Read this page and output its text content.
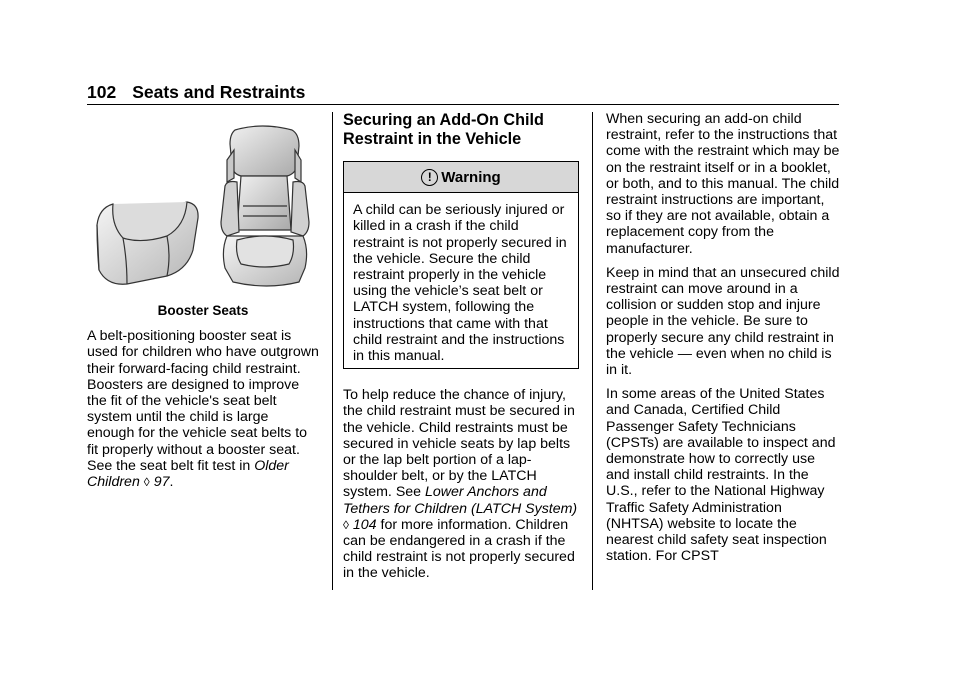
102 Seats and Restraints
Booster Seats

A belt-positioning booster seat is used for children who have outgrown their forward-facing child restraint. Boosters are designed to improve the fit of the vehicle's seat belt system until the child is large enough for the vehicle seat belts to fit properly without a booster seat. See the seat belt fit test in Older Children ◊ 97.

Securing an Add-On Child Restraint in the Vehicle
! Warning
A child can be seriously injured or killed in a crash if the child restraint is not properly secured in the vehicle. Secure the child restraint properly in the vehicle using the vehicle’s seat belt or LATCH system, following the instructions that came with that child restraint and the instructions in this manual.

To help reduce the chance of injury, the child restraint must be secured in the vehicle. Child restraints must be secured in vehicle seats by lap belts or the lap belt portion of a lap-shoulder belt, or by the LATCH system. See Lower Anchors and Tethers for Children (LATCH System) ◊ 104 for more information. Children can be endangered in a crash if the child restraint is not properly secured in the vehicle.

When securing an add-on child restraint, refer to the instructions that come with the restraint which may be on the restraint itself or in a booklet, or both, and to this manual. The child restraint instructions are important, so if they are not available, obtain a replacement copy from the manufacturer.

Keep in mind that an unsecured child restraint can move around in a collision or sudden stop and injure people in the vehicle. Be sure to properly secure any child restraint in the vehicle — even when no child is in it.

In some areas of the United States and Canada, Certified Child Passenger Safety Technicians (CPSTs) are available to inspect and demonstrate how to correctly use and install child restraints. In the U.S., refer to the National Highway Traffic Safety Administration (NHTSA) website to locate the nearest child safety seat inspection station. For CPST
